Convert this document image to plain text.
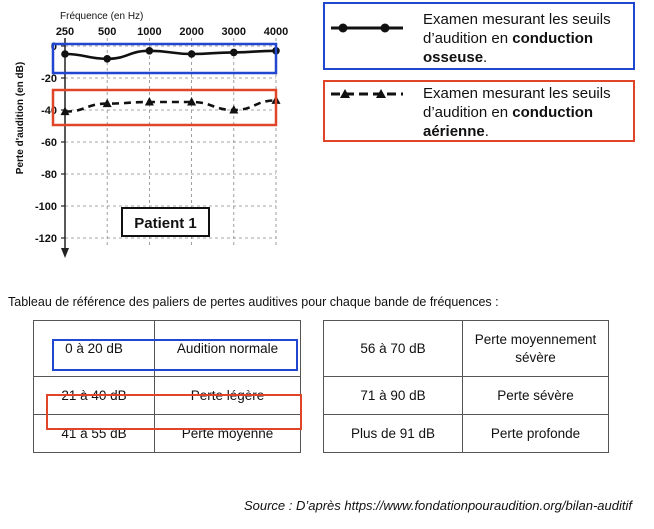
Fréquence (en Hz)
Perte d'audition (en dB)
250 500 1000 2000 3000 4000
0
-20
-40
-60
-80
-100
-120
Patient 1
Examen mesurant les seuils
d’audition en conduction osseuse.
Examen mesurant les seuils
d’audition en conduction aérienne.
Tableau de référence des paliers de pertes auditives pour chaque bande de fréquences :
0 à 20 dB	Audition normale
21 à 40 dB	Perte légère
41 à 55 dB	Perte moyenne
56 à 70 dB	Perte moyennement sévère
71 à 90 dB	Perte sévère
Plus de 91 dB	Perte profonde
Source : D’après https://www.fondationpouraudition.org/bilan-auditif
